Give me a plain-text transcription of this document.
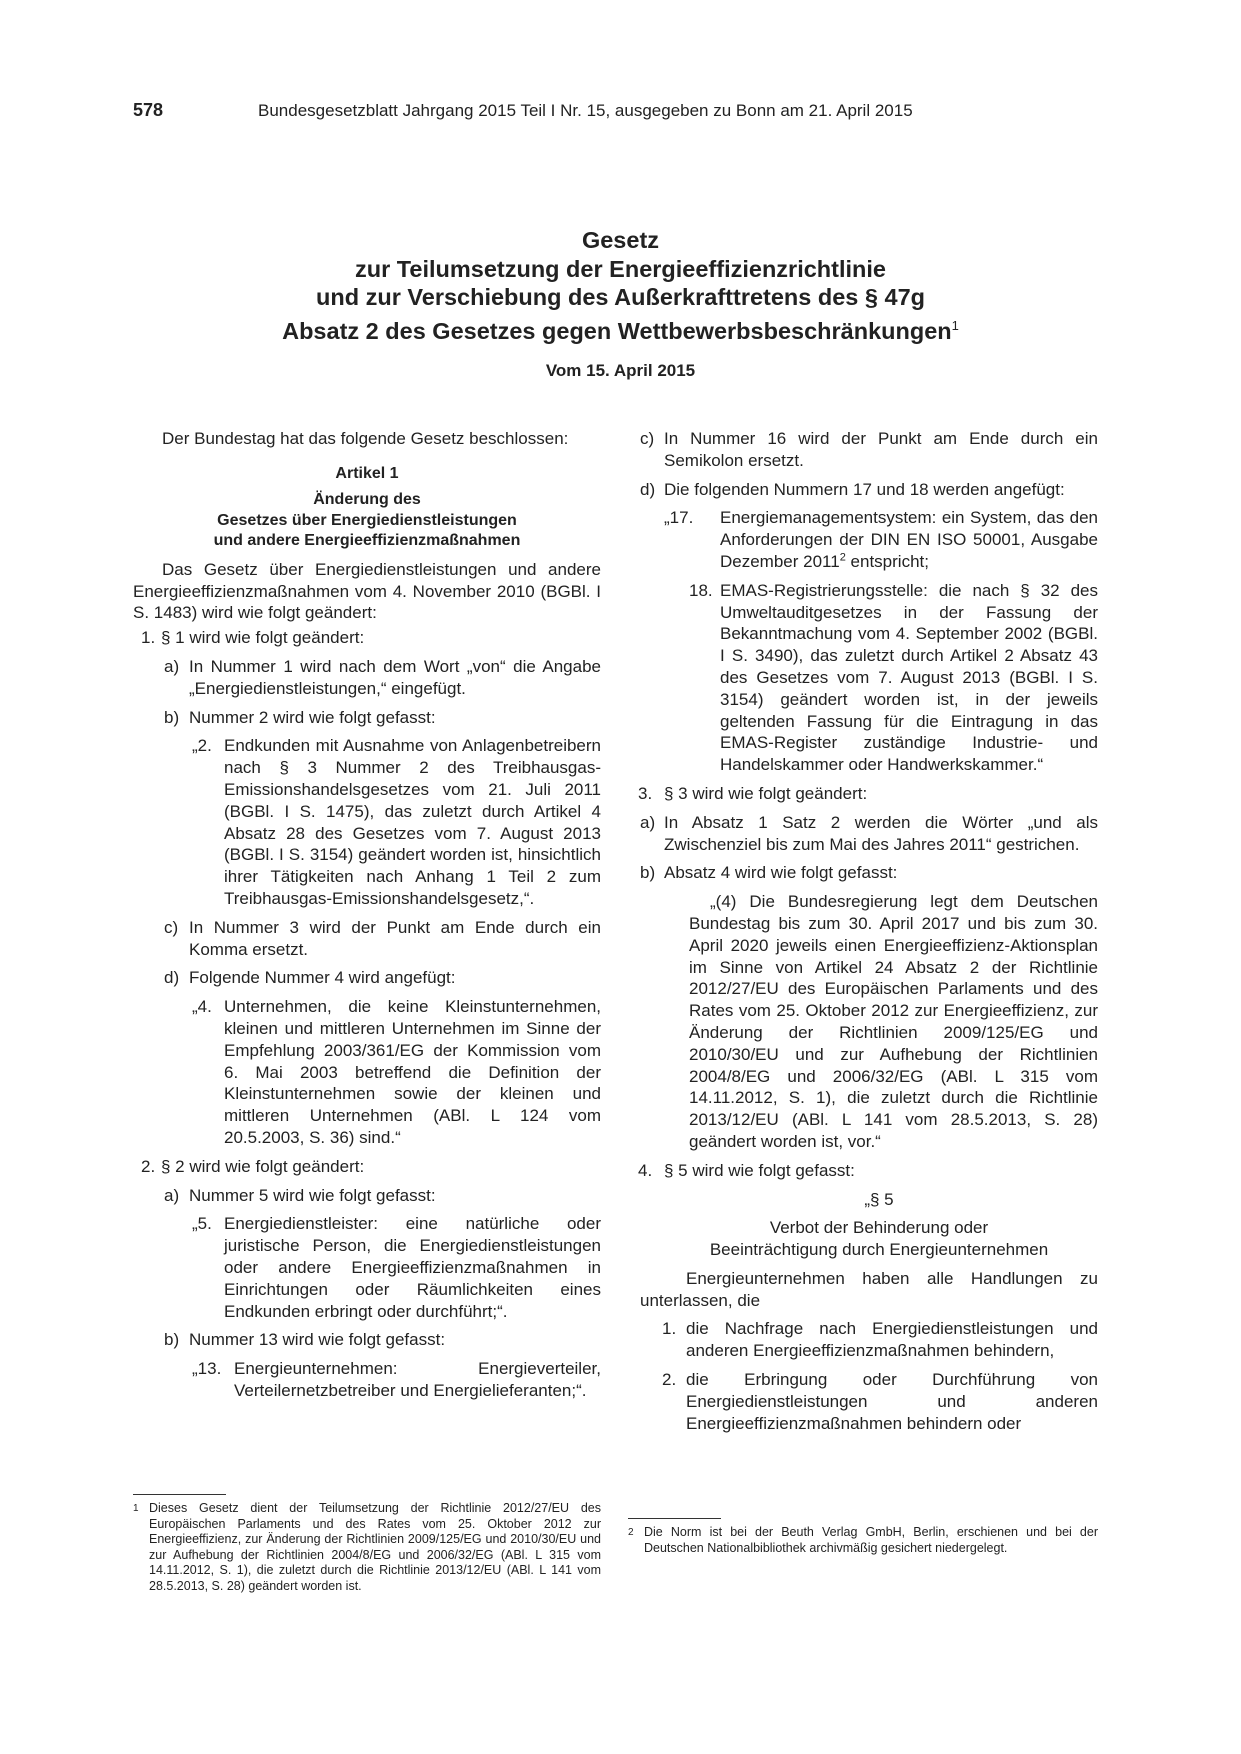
578	Bundesgesetzblatt Jahrgang 2015 Teil I Nr. 15, ausgegeben zu Bonn am 21. April 2015
Gesetz
zur Teilumsetzung der Energieeffizienzrichtlinie
und zur Verschiebung des Außerkrafttretens des § 47g
Absatz 2 des Gesetzes gegen Wettbewerbsbeschränkungen$^1$
Vom 15. April 2015

Der Bundestag hat das folgende Gesetz beschlossen:

Artikel 1
Änderung des
Gesetzes über Energiedienstleistungen
und andere Energieeffizienzmaßnahmen

Das Gesetz über Energiedienstleistungen und andere Energieeffizienzmaßnahmen vom 4. November 2010 (BGBl. I S. 1483) wird wie folgt geändert:

1. § 1 wird wie folgt geändert:
a) In Nummer 1 wird nach dem Wort „von“ die Angabe „Energiedienstleistungen,“ eingefügt.
b) Nummer 2 wird wie folgt gefasst:
„2. Endkunden mit Ausnahme von Anlagenbetreibern nach § 3 Nummer 2 des Treibhausgas-Emissionshandelsgesetzes vom 21. Juli 2011 (BGBl. I S. 1475), das zuletzt durch Artikel 4 Absatz 28 des Gesetzes vom 7. August 2013 (BGBl. I S. 3154) geändert worden ist, hinsichtlich ihrer Tätigkeiten nach Anhang 1 Teil 2 zum Treibhausgas-Emissionshandelsgesetz,“.
c) In Nummer 3 wird der Punkt am Ende durch ein Komma ersetzt.
d) Folgende Nummer 4 wird angefügt:
„4. Unternehmen, die keine Kleinstunternehmen, kleinen und mittleren Unternehmen im Sinne der Empfehlung 2003/361/EG der Kommission vom 6. Mai 2003 betreffend die Definition der Kleinstunternehmen sowie der kleinen und mittleren Unternehmen (ABl. L 124 vom 20.5.2003, S. 36) sind.“
2. § 2 wird wie folgt geändert:
a) Nummer 5 wird wie folgt gefasst:
„5. Energiedienstleister: eine natürliche oder juristische Person, die Energiedienstleistungen oder andere Energieeffizienzmaßnahmen in Einrichtungen oder Räumlichkeiten eines Endkunden erbringt oder durchführt;“.
b) Nummer 13 wird wie folgt gefasst:
„13. Energieunternehmen: Energieverteiler, Verteilernetzbetreiber und Energielieferanten;“.
c) In Nummer 16 wird der Punkt am Ende durch ein Semikolon ersetzt.
d) Die folgenden Nummern 17 und 18 werden angefügt:
„17. Energiemanagementsystem: ein System, das den Anforderungen der DIN EN ISO 50001, Ausgabe Dezember 2011$^2$ entspricht;
18. EMAS-Registrierungsstelle: die nach § 32 des Umweltauditgesetzes in der Fassung der Bekanntmachung vom 4. September 2002 (BGBl. I S. 3490), das zuletzt durch Artikel 2 Absatz 43 des Gesetzes vom 7. August 2013 (BGBl. I S. 3154) geändert worden ist, in der jeweils geltenden Fassung für die Eintragung in das EMAS-Register zuständige Industrie- und Handelskammer oder Handwerkskammer.“
3. § 3 wird wie folgt geändert:
a) In Absatz 1 Satz 2 werden die Wörter „und als Zwischenziel bis zum Mai des Jahres 2011“ gestrichen.
b) Absatz 4 wird wie folgt gefasst:

„(4) Die Bundesregierung legt dem Deutschen Bundestag bis zum 30. April 2017 und bis zum 30. April 2020 jeweils einen Energieeffizienz-Aktionsplan im Sinne von Artikel 24 Absatz 2 der Richtlinie 2012/27/EU des Europäischen Parlaments und des Rates vom 25. Oktober 2012 zur Energieeffizienz, zur Änderung der Richtlinien 2009/125/EG und 2010/30/EU und zur Aufhebung der Richtlinien 2004/8/EG und 2006/32/EG (ABl. L 315 vom 14.11.2012, S. 1), die zuletzt durch die Richtlinie 2013/12/EU (ABl. L 141 vom 28.5.2013, S. 28) geändert worden ist, vor.“

4. § 5 wird wie folgt gefasst:
„§ 5
Verbot der Behinderung oder
Beeinträchtigung durch Energieunternehmen

Energieunternehmen haben alle Handlungen zu unterlassen, die

1. die Nachfrage nach Energiedienstleistungen und anderen Energieeffizienzmaßnahmen behindern,
2. die Erbringung oder Durchführung von Energiedienstleistungen und anderen Energieeffizienzmaßnahmen behindern oder
1 Dieses Gesetz dient der Teilumsetzung der Richtlinie 2012/27/EU des Europäischen Parlaments und des Rates vom 25. Oktober 2012 zur Energieeffizienz, zur Änderung der Richtlinien 2009/125/EG und 2010/30/EU und zur Aufhebung der Richtlinien 2004/8/EG und 2006/32/EG (ABl. L 315 vom 14.11.2012, S. 1), die zuletzt durch die Richtlinie 2013/12/EU (ABl. L 141 vom 28.5.2013, S. 28) geändert worden ist.
2 Die Norm ist bei der Beuth Verlag GmbH, Berlin, erschienen und bei der Deutschen Nationalbibliothek archivmäßig gesichert niedergelegt.
